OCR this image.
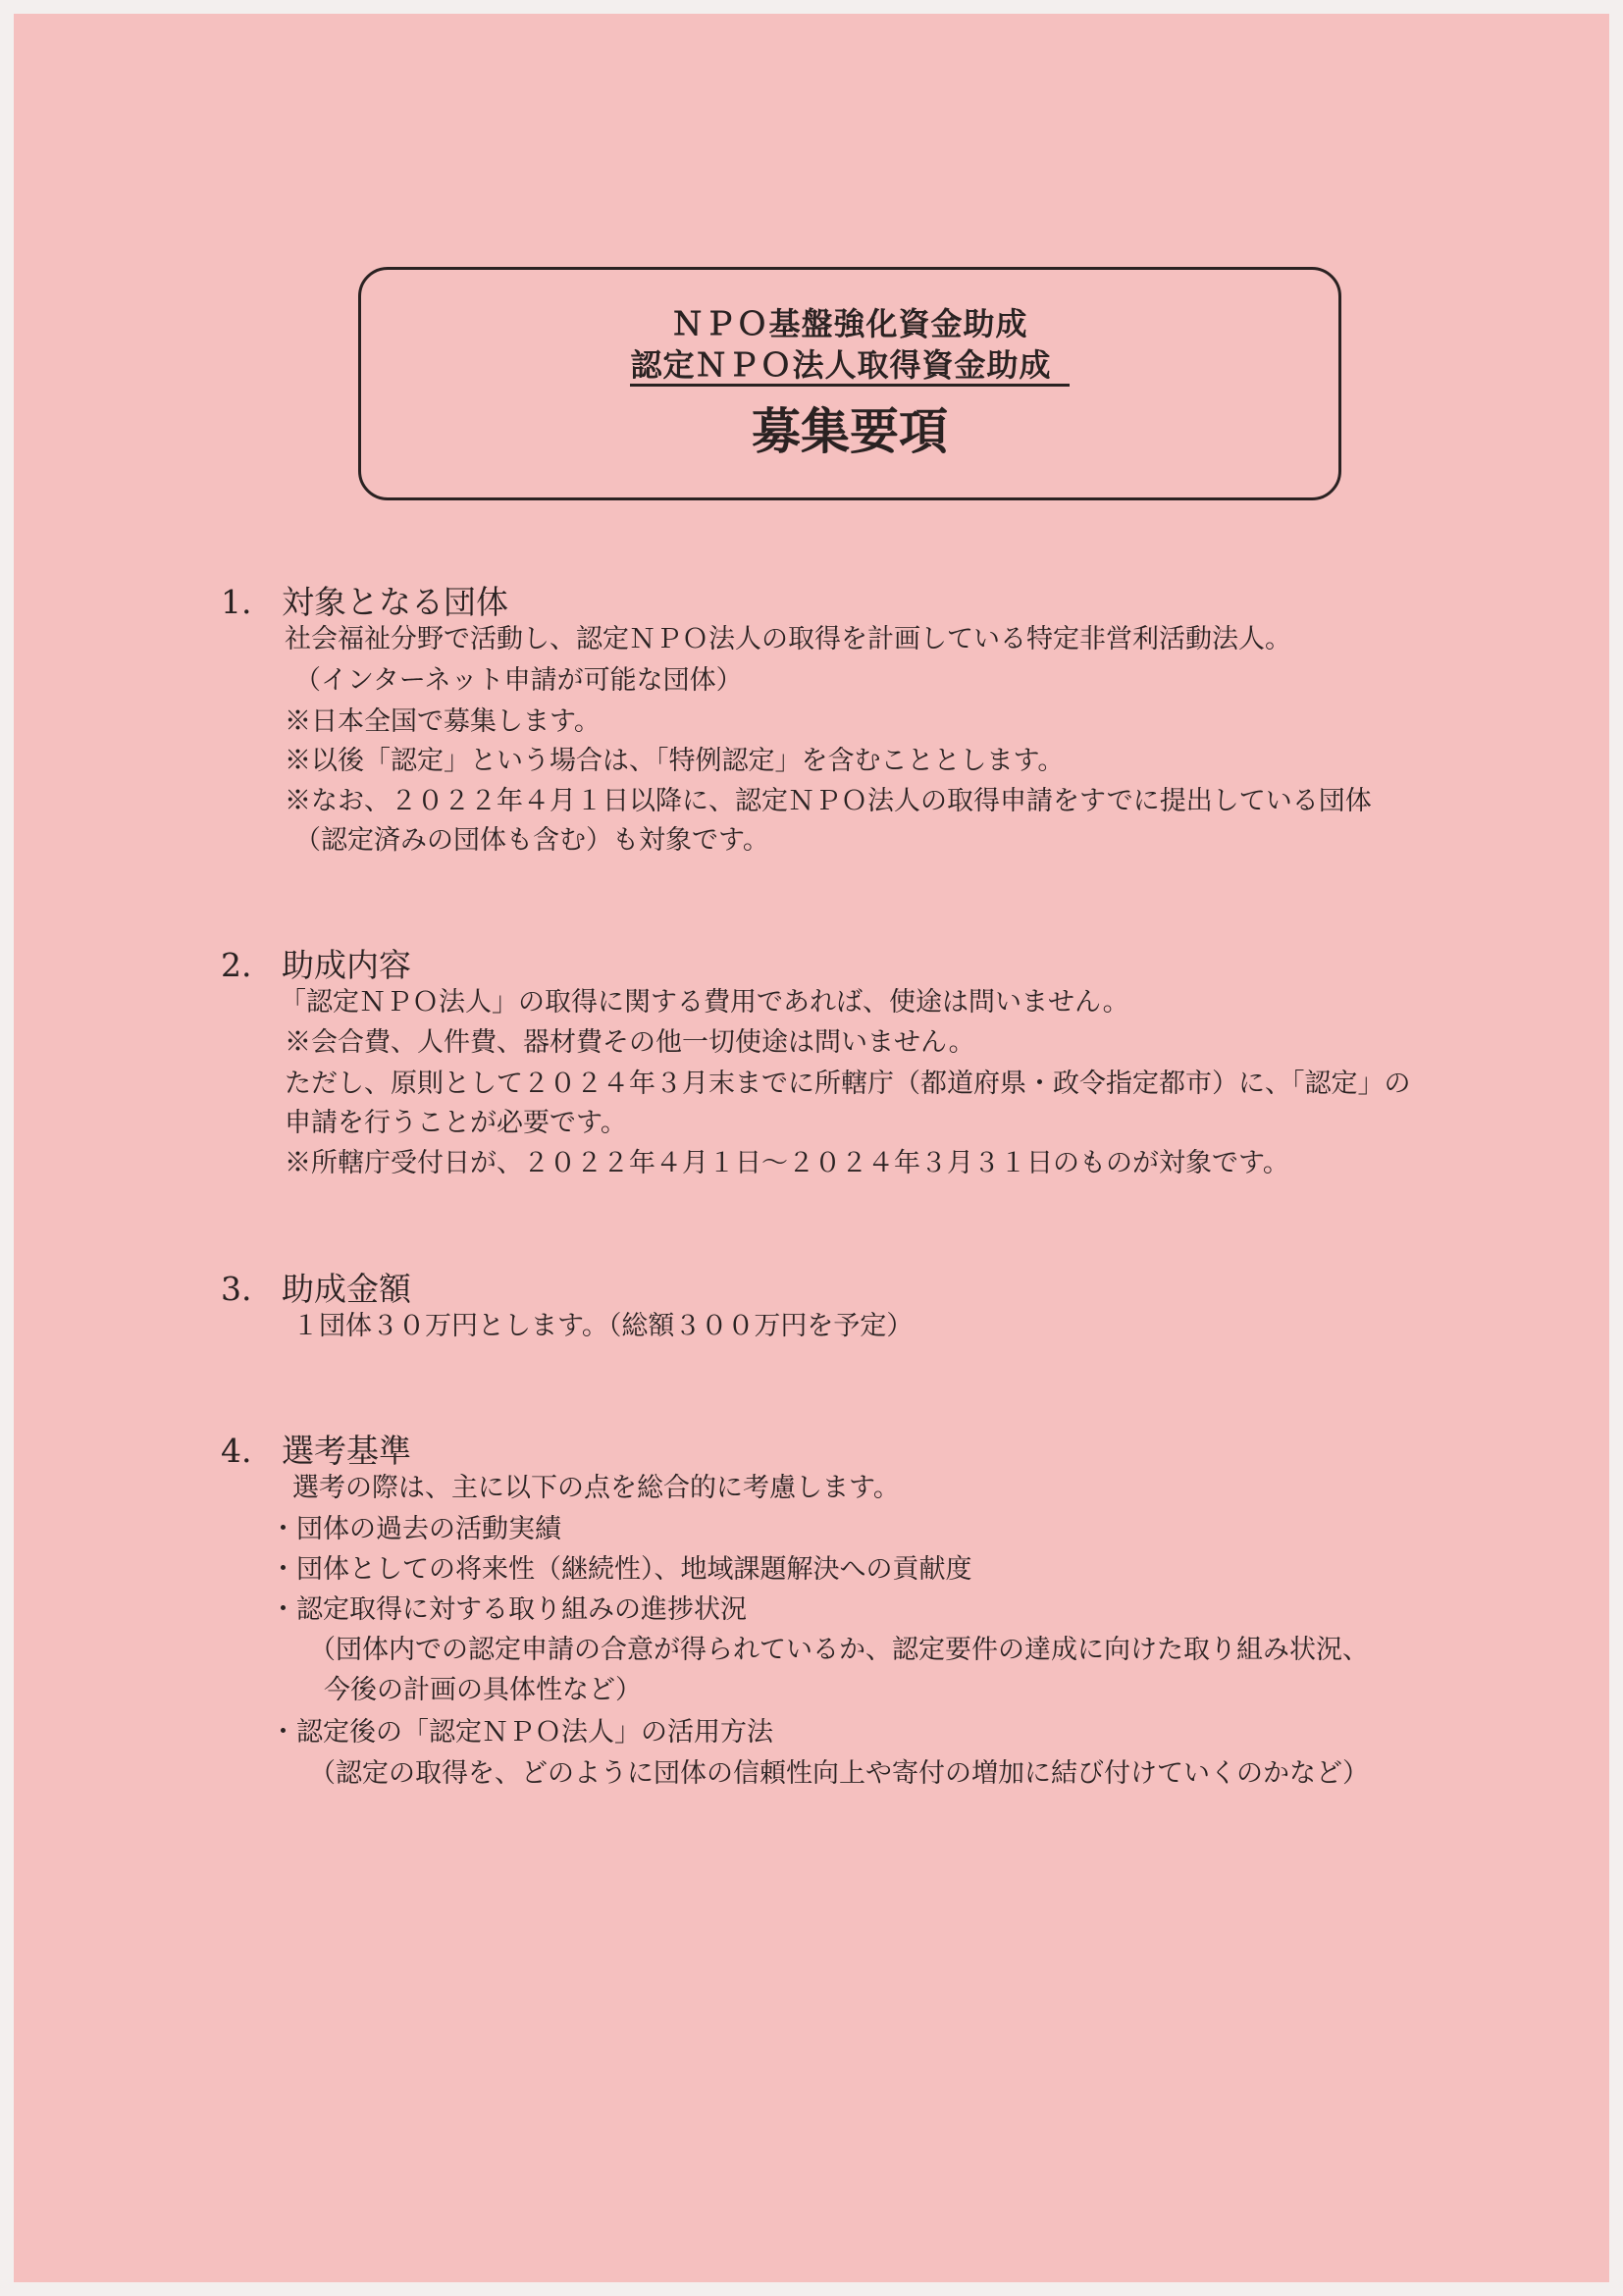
ＮＰＯ基盤強化資金助成
認定ＮＰＯ法人取得資金助成
募集要項
1. 対象となる団体
社会福祉分野で活動し、認定ＮＰＯ法人の取得を計画している特定非営利活動法人。
（インターネット申請が可能な団体）
※日本全国で募集します。
※以後「認定」という場合は、「特例認定」を含むこととします。
※なお、２０２２年４月１日以降に、認定ＮＰＯ法人の取得申請をすでに提出している団体
（認定済みの団体も含む）も対象です。
2. 助成内容
「認定ＮＰＯ法人」の取得に関する費用であれば、使途は問いません。
※会合費、人件費、器材費その他一切使途は問いません。
ただし、原則として２０２４年３月末までに所轄庁（都道府県・政令指定都市）に、「認定」の
申請を行うことが必要です。
※所轄庁受付日が、２０２２年４月１日～２０２４年３月３１日のものが対象です。
3. 助成金額
１団体３０万円とします。（総額３００万円を予定）
4. 選考基準
選考の際は、主に以下の点を総合的に考慮します。
・団体の過去の活動実績
・団体としての将来性（継続性）、地域課題解決への貢献度
・認定取得に対する取り組みの進捗状況
（団体内での認定申請の合意が得られているか、認定要件の達成に向けた取り組み状況、
今後の計画の具体性など）
・認定後の「認定ＮＰＯ法人」の活用方法
（認定の取得を、どのように団体の信頼性向上や寄付の増加に結び付けていくのかなど）
